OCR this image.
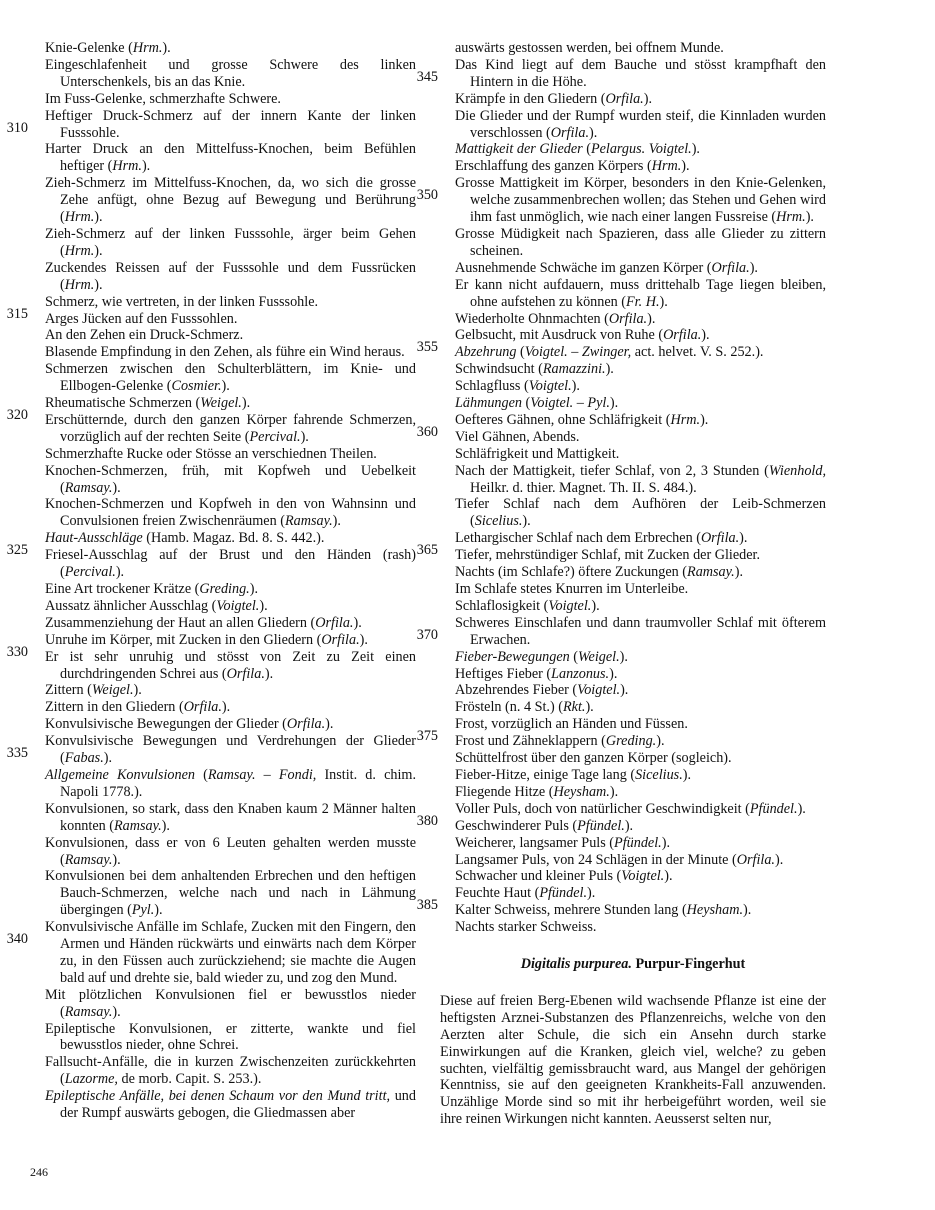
Knie-Gelenke (Hrm.).
Eingeschlafenheit und grosse Schwere des linken Unterschenkels, bis an das Knie.
Im Fuss-Gelenke, schmerzhafte Schwere.
310
Heftiger Druck-Schmerz auf der innern Kante der linken Fusssohle.
Harter Druck an den Mittelfuss-Knochen, beim Befühlen heftiger (Hrm.).
Zieh-Schmerz im Mittelfuss-Knochen, da, wo sich die grosse Zehe anfügt, ohne Bezug auf Bewegung und Berührung (Hrm.).
Zieh-Schmerz auf der linken Fusssohle, ärger beim Gehen (Hrm.).
Zuckendes Reissen auf der Fusssohle und dem Fussrücken (Hrm.).
315
Schmerz, wie vertreten, in der linken Fusssohle.
Arges Jücken auf den Fusssohlen.
An den Zehen ein Druck-Schmerz.
Blasende Empfindung in den Zehen, als führe ein Wind heraus.
Schmerzen zwischen den Schulterblättern, im Knie- und Ellbogen-Gelenke (Cosmier.).
320
Rheumatische Schmerzen (Weigel.).
Erschütternde, durch den ganzen Körper fahrende Schmerzen, vorzüglich auf der rechten Seite (Percival.).
Schmerzhafte Rucke oder Stösse an verschiednen Theilen.
Knochen-Schmerzen, früh, mit Kopfweh und Uebelkeit (Ramsay.).
Knochen-Schmerzen und Kopfweh in den von Wahnsinn und Convulsionen freien Zwischenräumen (Ramsay.).
325
Haut-Ausschläge (Hamb. Magaz. Bd. 8. S. 442.).
Friesel-Ausschlag auf der Brust und den Händen (rash) (Percival.).
Eine Art trockener Krätze (Greding.).
Aussatz ähnlicher Ausschlag (Voigtel.).
Zusammenziehung der Haut an allen Gliedern (Orfila.).
330
Unruhe im Körper, mit Zucken in den Gliedern (Orfila.).
Er ist sehr unruhig und stösst von Zeit zu Zeit einen durchdringenden Schrei aus (Orfila.).
Zittern (Weigel.).
Zittern in den Gliedern (Orfila.).
Konvulsivische Bewegungen der Glieder (Orfila.).
335
Konvulsivische Bewegungen und Verdrehungen der Glieder (Fabas.).
Allgemeine Konvulsionen (Ramsay. – Fondi, Instit. d. chim. Napoli 1778.).
Konvulsionen, so stark, dass den Knaben kaum 2 Männer halten konnten (Ramsay.).
Konvulsionen, dass er von 6 Leuten gehalten werden musste (Ramsay.).
Konvulsionen bei dem anhaltenden Erbrechen und den heftigen Bauch-Schmerzen, welche nach und nach in Lähmung übergingen (Pyl.).
340
Konvulsivische Anfälle im Schlafe, Zucken mit den Fingern, den Armen und Händen rückwärts und einwärts nach dem Körper zu, in den Füssen auch zurückziehend; sie machte die Augen bald auf und drehte sie, bald wieder zu, und zog den Mund.
Mit plötzlichen Konvulsionen fiel er bewusstlos nieder (Ramsay.).
Epileptische Konvulsionen, er zitterte, wankte und fiel bewusstlos nieder, ohne Schrei.
Fallsucht-Anfälle, die in kurzen Zwischenzeiten zurückkehrten (Lazorme, de morb. Capit. S. 253.).
Epileptische Anfälle, bei denen Schaum vor den Mund tritt, und der Rumpf auswärts gebogen, die Gliedmassen aber
auswärts gestossen werden, bei offnem Munde.
345
Das Kind liegt auf dem Bauche und stösst krampfhaft den Hintern in die Höhe.
Krämpfe in den Gliedern (Orfila.).
Die Glieder und der Rumpf wurden steif, die Kinnladen wurden verschlossen (Orfila.).
Mattigkeit der Glieder (Pelargus. Voigtel.).
Erschlaffung des ganzen Körpers (Hrm.).
350
Grosse Mattigkeit im Körper, besonders in den Knie-Gelenken, welche zusammenbrechen wollen; das Stehen und Gehen wird ihm fast unmöglich, wie nach einer langen Fussreise (Hrm.).
Grosse Müdigkeit nach Spazieren, dass alle Glieder zu zittern scheinen.
Ausnehmende Schwäche im ganzen Körper (Orfila.).
Er kann nicht aufdauern, muss drittehalb Tage liegen bleiben, ohne aufstehen zu können (Fr. H.).
Wiederholte Ohnmachten (Orfila.).
355
Gelbsucht, mit Ausdruck von Ruhe (Orfila.).
Abzehrung (Voigtel. – Zwinger, act. helvet. V. S. 252.).
Schwindsucht (Ramazzini.).
Schlagfluss (Voigtel.).
Lähmungen (Voigtel. – Pyl.).
360
Oefteres Gähnen, ohne Schläfrigkeit (Hrm.).
Viel Gähnen, Abends.
Schläfrigkeit und Mattigkeit.
Nach der Mattigkeit, tiefer Schlaf, von 2, 3 Stunden (Wienhold, Heilkr. d. thier. Magnet. Th. II. S. 484.).
Tiefer Schlaf nach dem Aufhören der Leib-Schmerzen (Sicelius.).
365
Lethargischer Schlaf nach dem Erbrechen (Orfila.).
Tiefer, mehrstündiger Schlaf, mit Zucken der Glieder.
Nachts (im Schlafe?) öftere Zuckungen (Ramsay.).
Im Schlafe stetes Knurren im Unterleibe.
Schlaflosigkeit (Voigtel.).
370
Schweres Einschlafen und dann traumvoller Schlaf mit öfterem Erwachen.
Fieber-Bewegungen (Weigel.).
Heftiges Fieber (Lanzonus.).
Abzehrendes Fieber (Voigtel.).
Frösteln (n. 4 St.) (Rkt.).
375
Frost, vorzüglich an Händen und Füssen.
Frost und Zähneklappern (Greding.).
Schüttelfrost über den ganzen Körper (sogleich).
Fieber-Hitze, einige Tage lang (Sicelius.).
Fliegende Hitze (Heysham.).
380
Voller Puls, doch von natürlicher Geschwindigkeit (Pfündel.).
Geschwinderer Puls (Pfündel.).
Weicherer, langsamer Puls (Pfündel.).
Langsamer Puls, von 24 Schlägen in der Minute (Orfila.).
Schwacher und kleiner Puls (Voigtel.).
385
Feuchte Haut (Pfündel.).
Kalter Schweiss, mehrere Stunden lang (Heysham.).
Nachts starker Schweiss.
Digitalis purpurea. Purpur-Fingerhut
Diese auf freien Berg-Ebenen wild wachsende Pflanze ist eine der heftigsten Arznei-Substanzen des Pflanzenreichs, welche von den Aerzten alter Schule, die sich ein Ansehn durch starke Einwirkungen auf die Kranken, gleich viel, welche? zu geben suchten, vielfältig gemissbraucht ward, aus Mangel der gehörigen Kenntniss, sie auf den geeigneten Krankheits-Fall anzuwenden. Unzählige Morde sind so mit ihr herbeigeführt worden, weil sie ihre reinen Wirkungen nicht kannten. Aeusserst selten nur,
246
